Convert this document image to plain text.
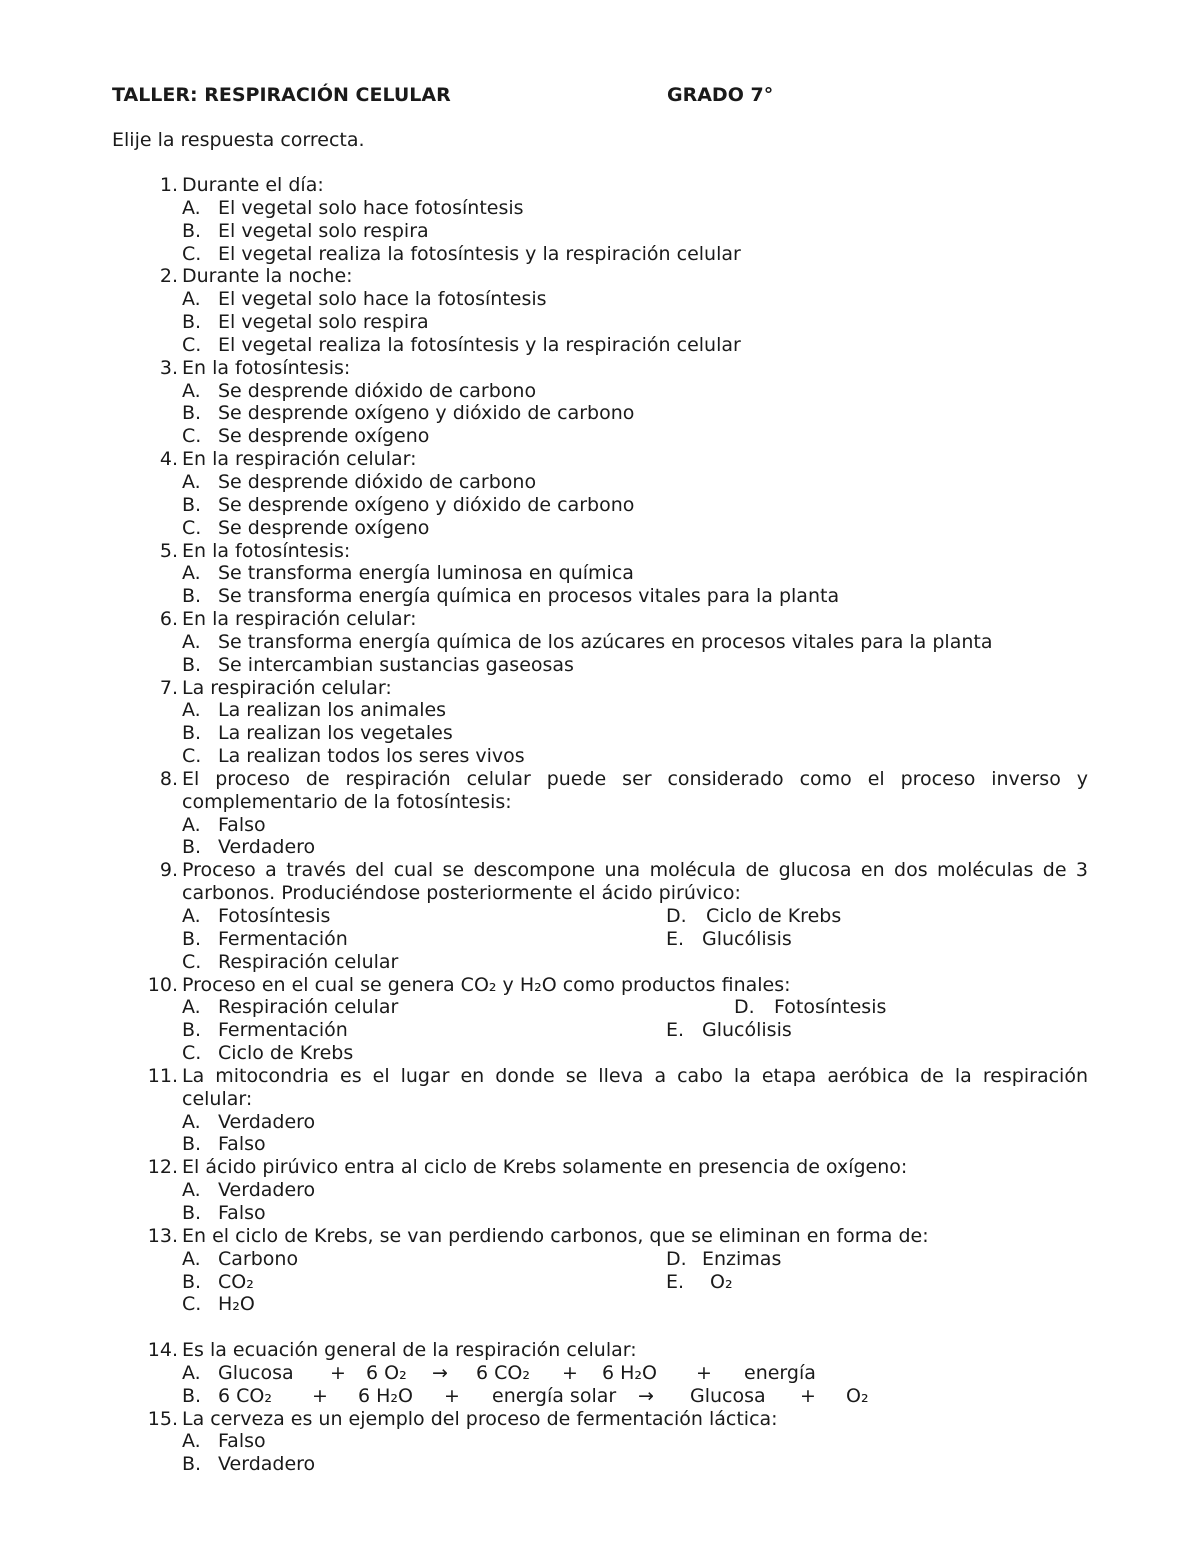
TALLER: RESPIRACIÓN CELULAR	GRADO 7°
Elije la respuesta correcta.
1. Durante el día:
A. El vegetal solo hace fotosíntesis
B. El vegetal solo respira
C. El vegetal realiza la fotosíntesis y la respiración celular
2. Durante la noche:
A. El vegetal solo hace la fotosíntesis
B. El vegetal solo respira
C. El vegetal realiza la fotosíntesis y la respiración celular
3. En la fotosíntesis:
A. Se desprende dióxido de carbono
B. Se desprende oxígeno y dióxido de carbono
C. Se desprende oxígeno
4. En la respiración celular:
A. Se desprende dióxido de carbono
B. Se desprende oxígeno y dióxido de carbono
C. Se desprende oxígeno
5. En la fotosíntesis:
A. Se transforma energía luminosa en química
B. Se transforma energía química en procesos vitales para la planta
6. En la respiración celular:
A. Se transforma energía química de los azúcares en procesos vitales para la planta
B. Se intercambian sustancias gaseosas
7. La respiración celular:
A. La realizan los animales
B. La realizan los vegetales
C. La realizan todos los seres vivos
8. El proceso de respiración celular puede ser considerado como el proceso inverso y
complementario de la fotosíntesis:
A. Falso
B. Verdadero
9. Proceso a través del cual se descompone una molécula de glucosa en dos moléculas de 3
carbonos. Produciéndose posteriormente el ácido pirúvico:
A. Fotosíntesis	D. Ciclo de Krebs
B. Fermentación	E. Glucólisis
C. Respiración celular
10. Proceso en el cual se genera CO₂ y H₂O como productos finales:
A. Respiración celular	D. Fotosíntesis
B. Fermentación	E. Glucólisis
C. Ciclo de Krebs
11. La mitocondria es el lugar en donde se lleva a cabo la etapa aeróbica de la respiración
celular:
A. Verdadero
B. Falso
12. El ácido pirúvico entra al ciclo de Krebs solamente en presencia de oxígeno:
A. Verdadero
B. Falso
13. En el ciclo de Krebs, se van perdiendo carbonos, que se eliminan en forma de:
A. Carbono	D. Enzimas
B. CO₂	E. O₂
C. H₂O
14. Es la ecuación general de la respiración celular:
A. Glucosa	+	6 O₂	→	6 CO₂	+	6 H₂O	+	energía
B. 6 CO₂	+	6 H₂O	+	energía solar	→	Glucosa	+	O₂
15. La cerveza es un ejemplo del proceso de fermentación láctica:
A. Falso
B. Verdadero
